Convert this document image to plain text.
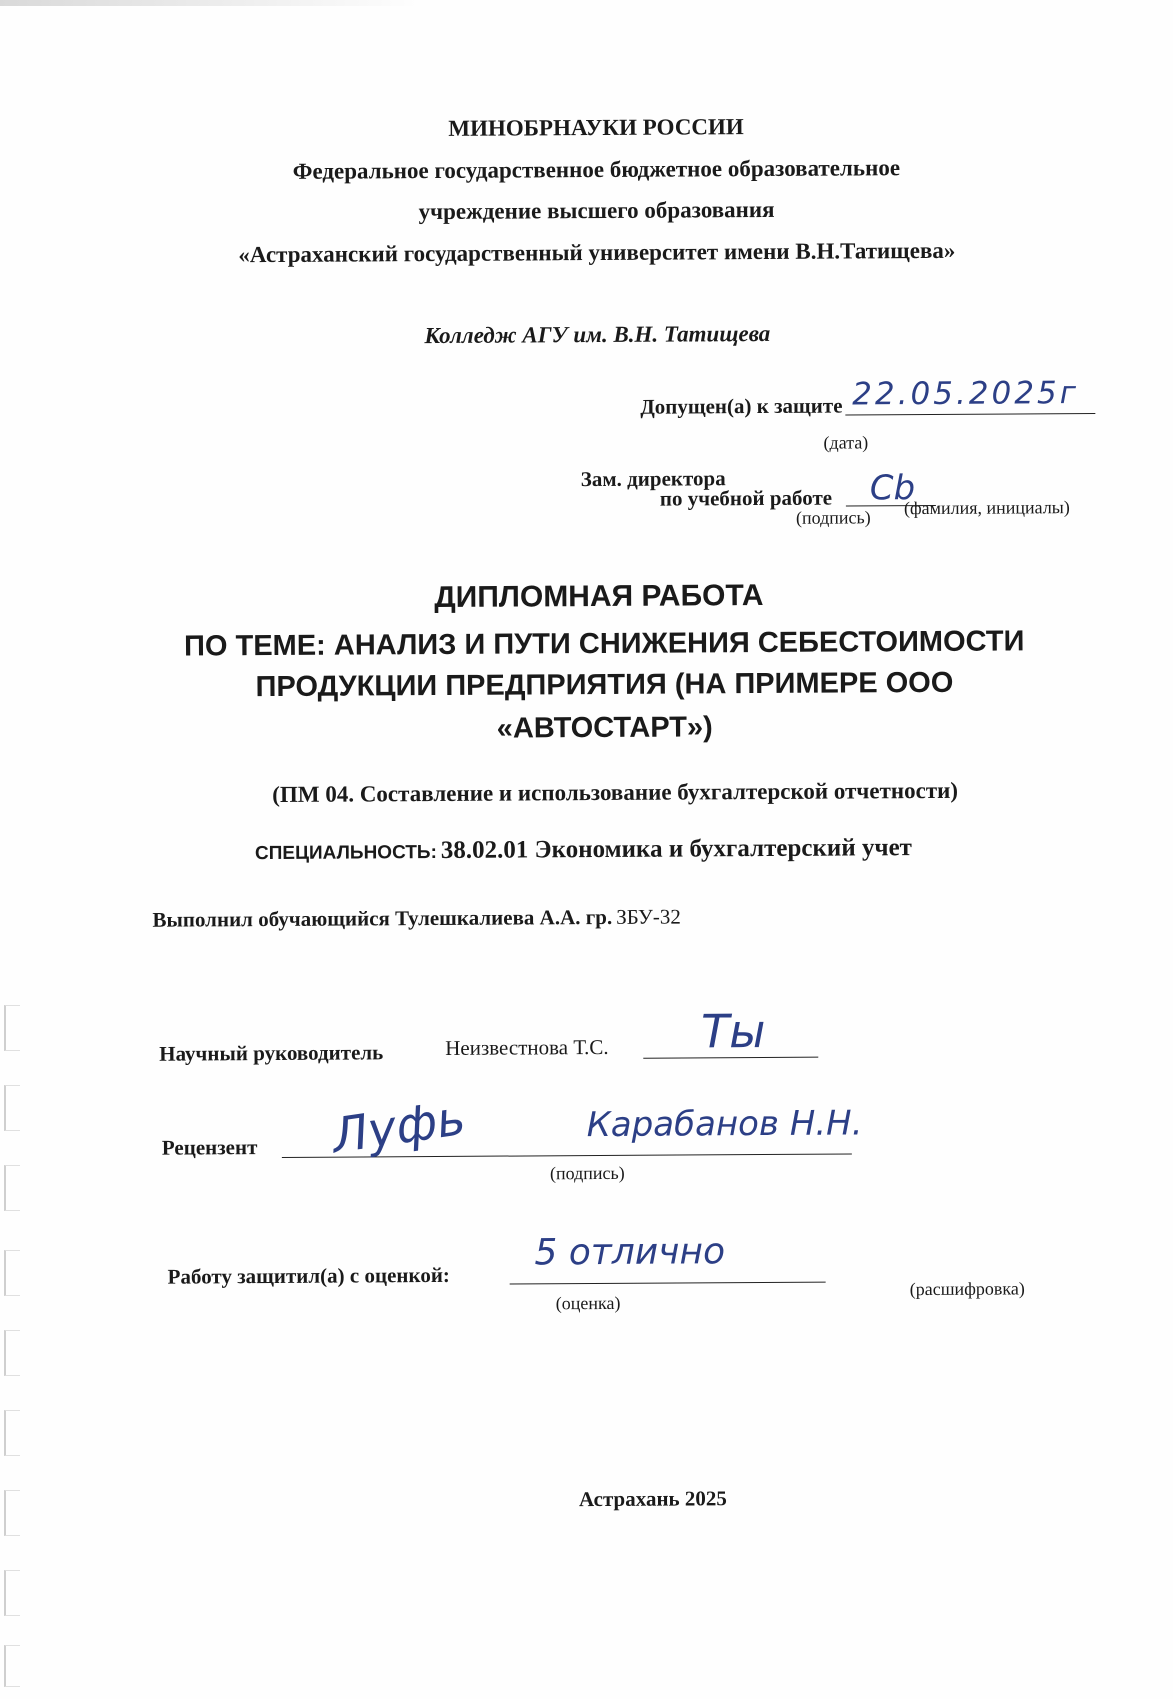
МИНОБРНАУКИ РОССИИ
Федеральное государственное бюджетное образовательное
учреждение высшего образования
«Астраханский государственный университет имени В.Н.Татищева»
Колледж АГУ им. В.Н. Татищева
Допущен(а) к защите 22.05.2025г
(дата)
Зам. директора
по учебной работе Сb
(подпись) (фамилия, инициалы)
ДИПЛОМНАЯ РАБОТА
ПО ТЕМЕ: АНАЛИЗ И ПУТИ СНИЖЕНИЯ СЕБЕСТОИМОСТИ
ПРОДУКЦИИ ПРЕДПРИЯТИЯ (НА ПРИМЕРЕ ООО
«АВТОСТАРТ»)
(ПМ 04. Составление и использование бухгалтерской отчетности)
СПЕЦИАЛЬНОСТЬ: 38.02.01 Экономика и бухгалтерский учет
Выполнил обучающийся Тулешкалиева А.А. гр. ЗБУ-32
Научный руководитель	Неизвестнова Т.С. Ты
Рецензент Луфь	Карабанов Н.Н.
(подпись)
Работу защитил(а) с оценкой:
5 отлично
(оценка)
(расшифровка)
Астрахань 2025
